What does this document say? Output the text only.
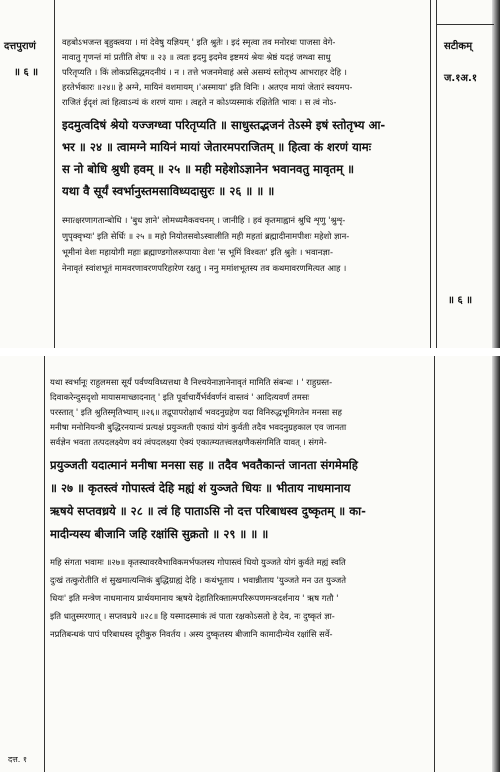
दत्तपुराणं
॥ ६ ॥
सटीकम्
ज.१अ.१
॥ ६ ॥
वहबोऽभजन्त बृहुक्त्वया । मां देवेषु यज्ञियम् ' इति श्रुतेः । इदं स्मृत्वा तव मनोरथः पाजसा वेगे-
नावातु गृणन्तं मां प्रतीति शेषः ॥ २३ ॥ त्वतः इदमु इदमेव इष्टमयं श्रेयः श्रेष्ठं यदहं जग्ध्वा साधु
परितृप्यति । किं लोकप्रसिद्धमदनीयं । न । तत्ते भजनमेवाहं असे असम्यं स्तोतृभ्य आभराहर देहि ।
हरतेर्भकारः ॥२४॥ हे अग्ने, मायिनं वशमायम् ।'अस्माया' इति विनिः । अतएव मायां जेतारं स्वयमप-
राजितं ईदृशं त्वां हित्वाऽन्यं कं शरणं यामः । त्वद्दते न कोऽप्यस्माकं रक्षितेति भावः । स त्वं नोऽ-
इदमुत्वदिषं श्रेयो यज्जग्ध्वा परितृप्यति ॥ साधुस्तद्भजनं तेऽस्मे इषं स्तोतृभ्य आ-
भर ॥ २४ ॥ त्वामग्ने मायिनं मायां जेतारमपराजितम् ॥ हित्वा कं शरणं यामः
स नो बोधि श्रुधी हवम् ॥ २५ ॥ मही महेशोऽज्ञानेन भवानवतु मावृतम् ॥
यथा वै सूर्यं स्वर्भानुस्तमसाविध्यदासुरः ॥ २६ ॥ ॥ ॥
स्मात्क्षरणागतान्बोधि । 'बुध ज्ञाने' लोमध्यमैकवचनम् । जानीहि । हवं कृतमाह्वानं श्रुधि शृणु 'श्रुशृ-
णुपृक्वृभ्यः' इति सेर्धिः ॥ २५ ॥ महो नियोतसवोऽस्वालीति मही महतां ब्रह्मादीनामपीशः महेशो ज्ञान-
भूमीनां वेशः महायोगी महाः ब्रह्माण्डगोलरूपायाः वेशः 'स भूमिं विश्वतः' इति श्रुतेः । भवानज्ञा-
नेनावृतं स्वांशभूतं मामवरणावरणपरिहारेण रक्षतु । ननु ममांशभूतस्य तव कथमावरणमित्यत आह ।
यथा स्वर्भानूः राहुलमसा सूर्यं पर्वण्यविध्यत्तथा वै निश्चयेनाज्ञानेनावृतं मामिति संबन्धः । ' राहुग्रस्त-
दिवाकरेन्दुसदृशो मायासमाच्छादनात् ' इति पूर्वाचार्यैर्भर्ववर्णनं वास्तवं ' आदित्यवर्णं तमसः
परस्तात् ' इति श्रुतिस्मृतिभ्याम् ॥२६॥ तद्रूपापरोक्षार्थं भवदनुग्रहेण यदा विनिरुद्धभूमिगतेन मनसा सह
मनीषा मनोनियन्त्री बुद्धिरनयान्यं प्रत्यक्षं प्रयुञ्जती एकाग्रं योगं कुर्वती तदैव भवदनुग्रहकाल एव जानता
सर्वज्ञेन भवता तत्पदलक्ष्येण वयं त्वंपदलक्ष्या ऐक्यं एकात्म्यतत्त्वलक्षणैकसंगमिति यावत् । संगमे-
प्रयुञ्जती यदात्मानं मनीषा मनसा सह ॥ तदैव भवतैकान्तं जानता संगमेमहि
॥ २७ ॥ कृतस्त्वं गोपास्त्वं देहि मह्यं शं युञ्जते धियः ॥ भीताय नाधमानाय
ऋषये सप्तवध्रये ॥ २८ ॥ त्वं हि पाताऽसि नो दत्त परिबाधस्व दुष्कृतम् ॥ का-
मादीन्यस्य बीजानि जहि रक्षांसि सुक्रतो ॥ २९ ॥ ॥ ॥
महि संगता भवामः ॥२७॥ कृतस्थावरवैभाविकमर्भफलस्य गोपास्त्वं धियो युञ्जते योगं कुर्वते मह्यं स्वति
दुःखं तत्कुरोतीति शं सुखमात्यन्तिकं बुद्धिग्राह्यं देहि । कथंभूताय । भवान्नीताय 'युञ्जते मन उत युञ्जते
धियः' इति मन्त्रेण नाधमानाय प्रार्थयमानाय ऋषये देहातिरिक्तात्मपरिरूपणमन्त्रदर्शनाय ' ऋष गतौ '
इति धातुस्मरणात् । सप्तवध्रये ॥२८॥ हि यस्मादस्माकं त्वं पाता रक्षकोऽसतो हे देव, नः दुष्कृतं ज्ञा-
नप्रतिबन्धकं पापं परिबाधस्व दूरीकुरु निवर्तय । अस्य दुष्कृतस्य बीजानि कामादीन्येव रक्षांसि सर्वे-
दत्त. १
